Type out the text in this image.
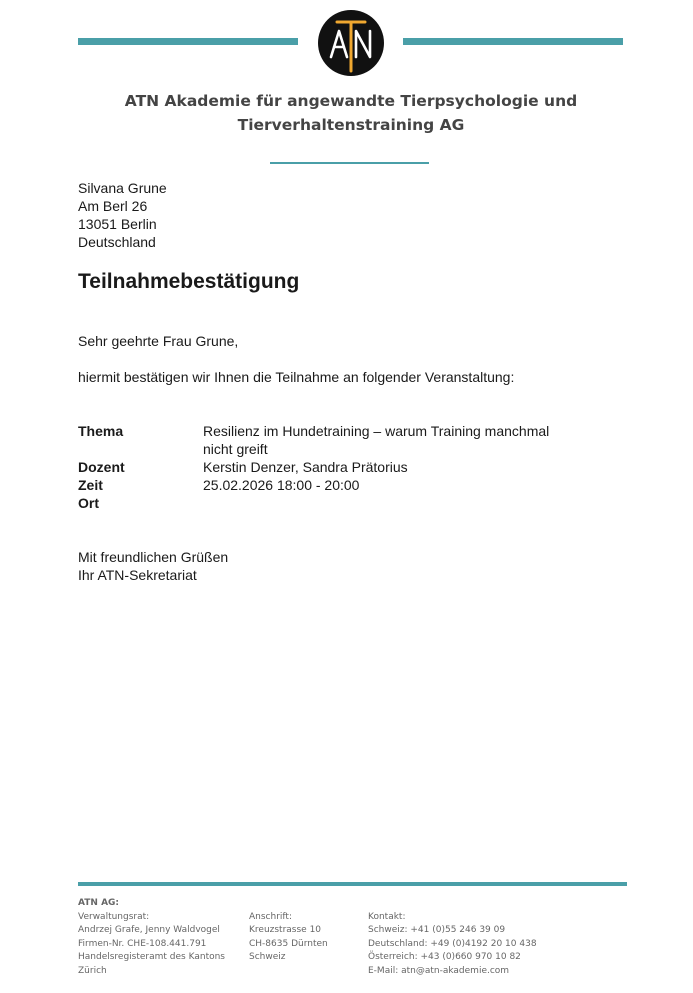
ATN Akademie für angewandte Tierpsychologie und
Tierverhaltenstraining AG
Silvana Grune
Am Berl 26
13051 Berlin
Deutschland
Teilnahmebestätigung
Sehr geehrte Frau Grune,
hiermit bestätigen wir Ihnen die Teilnahme an folgender Veranstaltung:
Thema	Resilienz im Hundetraining – warum Training manchmal nicht greift
Dozent	Kerstin Denzer, Sandra Prätorius
Zeit	25.02.2026 18:00 - 20:00
Ort
Mit freundlichen Grüßen
Ihr ATN-Sekretariat
ATN AG:
Verwaltungsrat:
Andrzej Grafe, Jenny Waldvogel
Firmen-Nr. CHE-108.441.791
Handelsregisteramt des Kantons
Zürich
Anschrift:
Kreuzstrasse 10
CH-8635 Dürnten
Schweiz
Kontakt:
Schweiz: +41 (0)55 246 39 09
Deutschland: +49 (0)4192 20 10 438
Österreich: +43 (0)660 970 10 82
E-Mail: atn@atn-akademie.com
